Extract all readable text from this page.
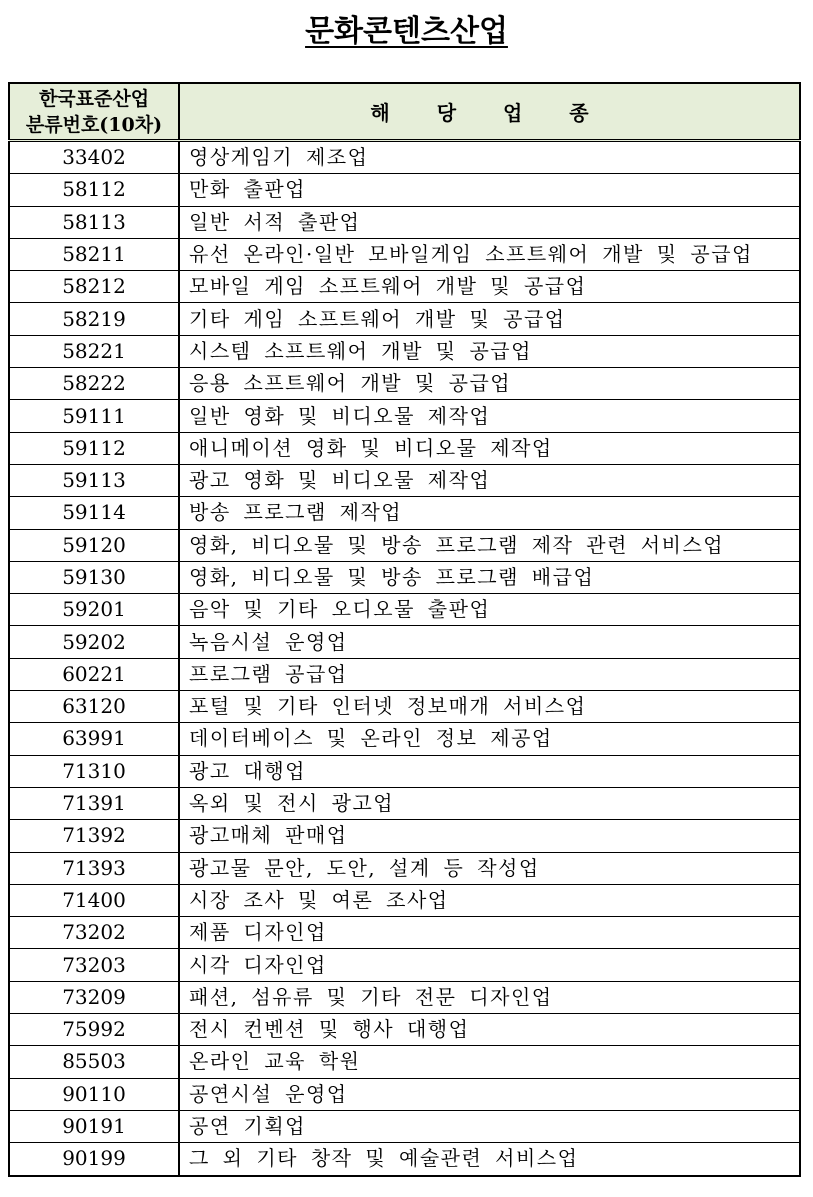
문화콘텐츠산업
한국표준산업
분류번호(10차)	해 당 업 종
33402	영상게임기 제조업
58112	만화 출판업
58113	일반 서적 출판업
58211	유선 온라인·일반 모바일게임 소프트웨어 개발 및 공급업
58212	모바일 게임 소프트웨어 개발 및 공급업
58219	기타 게임 소프트웨어 개발 및 공급업
58221	시스템 소프트웨어 개발 및 공급업
58222	응용 소프트웨어 개발 및 공급업
59111	일반 영화 및 비디오물 제작업
59112	애니메이션 영화 및 비디오물 제작업
59113	광고 영화 및 비디오물 제작업
59114	방송 프로그램 제작업
59120	영화, 비디오물 및 방송 프로그램 제작 관련 서비스업
59130	영화, 비디오물 및 방송 프로그램 배급업
59201	음악 및 기타 오디오물 출판업
59202	녹음시설 운영업
60221	프로그램 공급업
63120	포털 및 기타 인터넷 정보매개 서비스업
63991	데이터베이스 및 온라인 정보 제공업
71310	광고 대행업
71391	옥외 및 전시 광고업
71392	광고매체 판매업
71393	광고물 문안, 도안, 설계 등 작성업
71400	시장 조사 및 여론 조사업
73202	제품 디자인업
73203	시각 디자인업
73209	패션, 섬유류 및 기타 전문 디자인업
75992	전시 컨벤션 및 행사 대행업
85503	온라인 교육 학원
90110	공연시설 운영업
90191	공연 기획업
90199	그 외 기타 창작 및 예술관련 서비스업
